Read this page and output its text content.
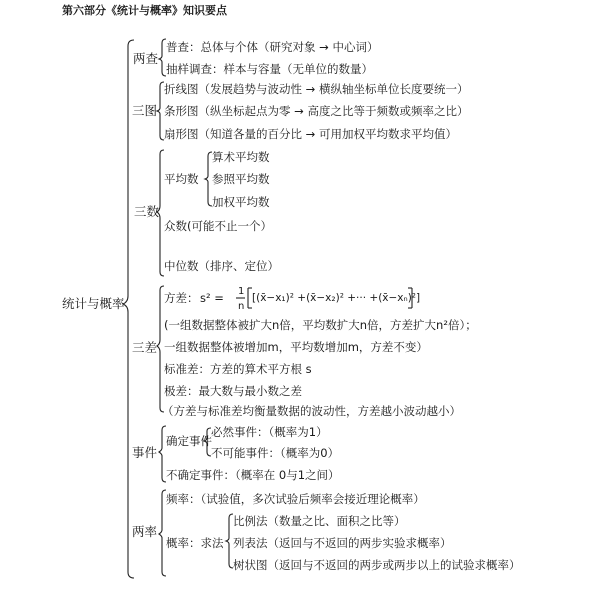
第六部分《统计与概率》知识要点
统计与概率
两查
普查：总体与个体（研究对象 → 中心词）
抽样调查：样本与容量（无单位的数量）
三图
折线图（发展趋势与波动性 → 横纵轴坐标单位长度要统一）
条形图（纵坐标起点为零 → 高度之比等于频数或频率之比）
扇形图（知道各量的百分比 → 可用加权平均数求平均值）
三数
平均数
算术平均数
参照平均数
加权平均数
众数(可能不止一个）
中位数（排序、定位）
三差
方差： s² = 1
n
[(x̄−x₁)² +(x̄−x₂)² +··· +(x̄−xₙ)²]
(一组数据整体被扩大n倍，平均数扩大n倍，方差扩大n²倍）；
一组数据整体被增加m，平均数增加m，方差不变）
标准差：方差的算术平方根 s
极差：最大数与最小数之差
（方差与标准差均衡量数据的波动性，方差越小波动越小）
事件
确定事件
必然事件：（概率为1）
不可能事件：（概率为0）
不确定事件：（概率在 0与1之间）
两率
频率：（试验值，多次试验后频率会接近理论概率）
概率：求法
比例法（数量之比、面积之比等）
列表法（返回与不返回的两步实验求概率）
树状图（返回与不返回的两步或两步以上的试验求概率）
